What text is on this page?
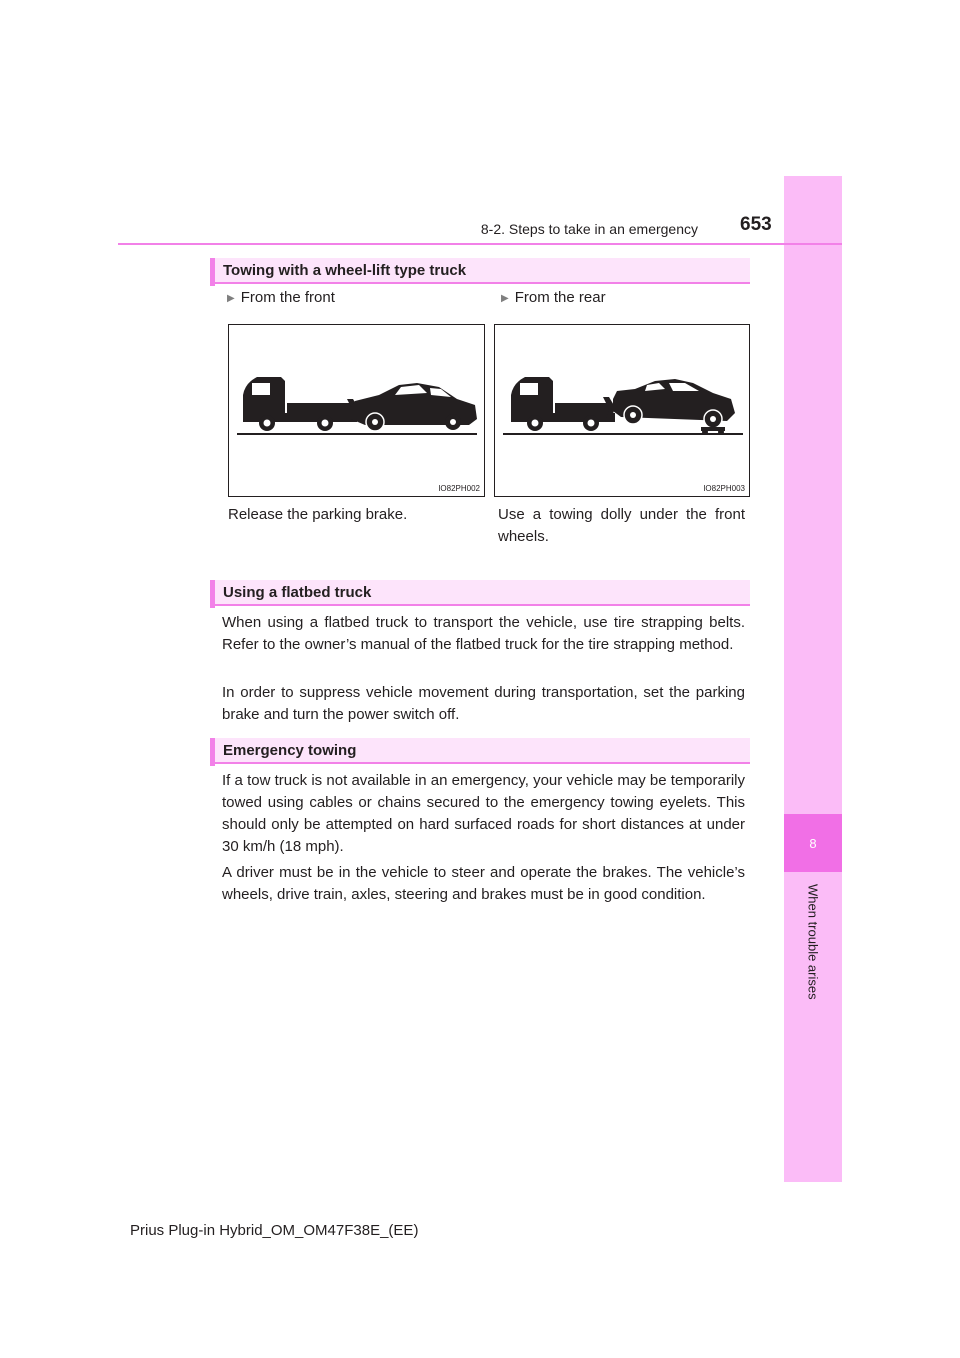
8
When trouble arises
8-2. Steps to take in an emergency 653
Towing with a wheel-lift type truck
▶ From the front	▶ From the rear
IO82PH002	IO82PH003
Release the parking brake.	Use a towing dolly under the front wheels.
Using a flatbed truck

When using a flatbed truck to transport the vehicle, use tire strapping belts. Refer to the owner’s manual of the flatbed truck for the tire strapping method.

In order to suppress vehicle movement during transportation, set the parking brake and turn the power switch off.

Emergency towing

If a tow truck is not available in an emergency, your vehicle may be temporarily towed using cables or chains secured to the emergency towing eyelets. This should only be attempted on hard surfaced roads for short distances at under 30 km/h (18 mph).

A driver must be in the vehicle to steer and operate the brakes. The vehicle’s wheels, drive train, axles, steering and brakes must be in good condition.

Prius Plug-in Hybrid_OM_OM47F38E_(EE)
